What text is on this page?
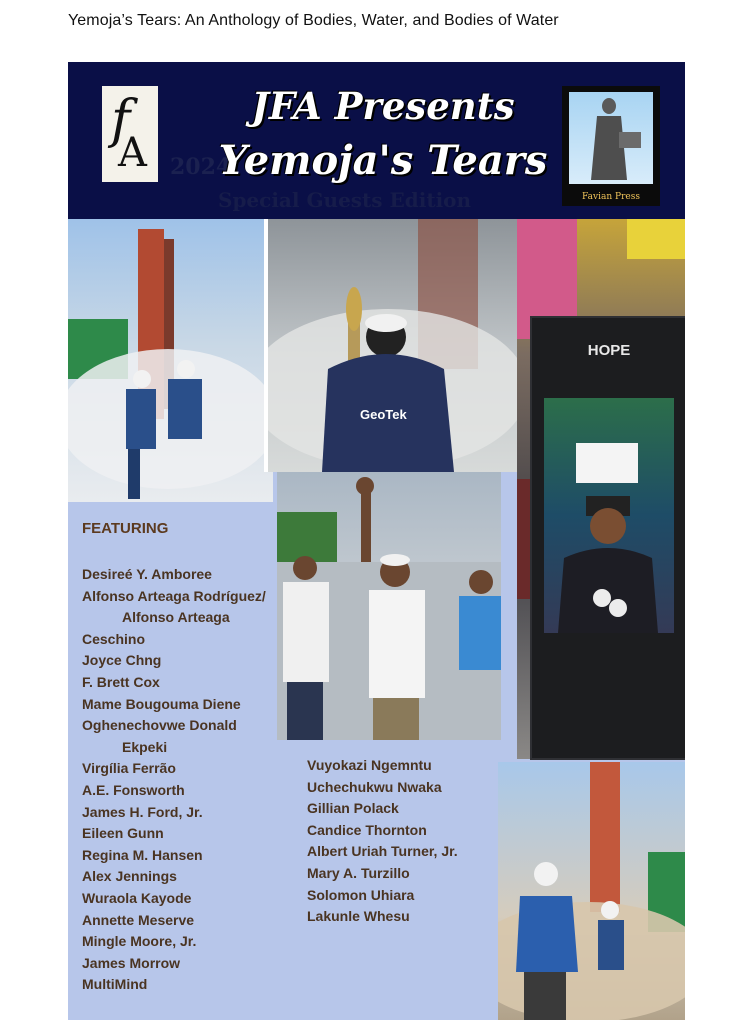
Yemoja’s Tears: An Anthology of Bodies, Water, and Bodies of Water
f
A 2024
JFA Presents
Yemoja's Tears
Special Guests Edition	Favian Press
GeoTek
HOPE
FEATURING
Desireé Y. Amboree
Alfonso Arteaga Rodríguez/
Alfonso Arteaga
Ceschino
Joyce Chng
F. Brett Cox
Mame Bougouma Diene
Oghenechovwe Donald
Ekpeki
Virgília Ferrão
A.E. Fonsworth
James H. Ford, Jr.
Eileen Gunn
Regina M. Hansen
Alex Jennings
Wuraola Kayode
Annette Meserve
Mingle Moore, Jr.
James Morrow
MultiMind
Vuyokazi Ngemntu
Uchechukwu Nwaka
Gillian Polack
Candice Thornton
Albert Uriah Turner, Jr.
Mary A. Turzillo
Solomon Uhiara
Lakunle Whesu
